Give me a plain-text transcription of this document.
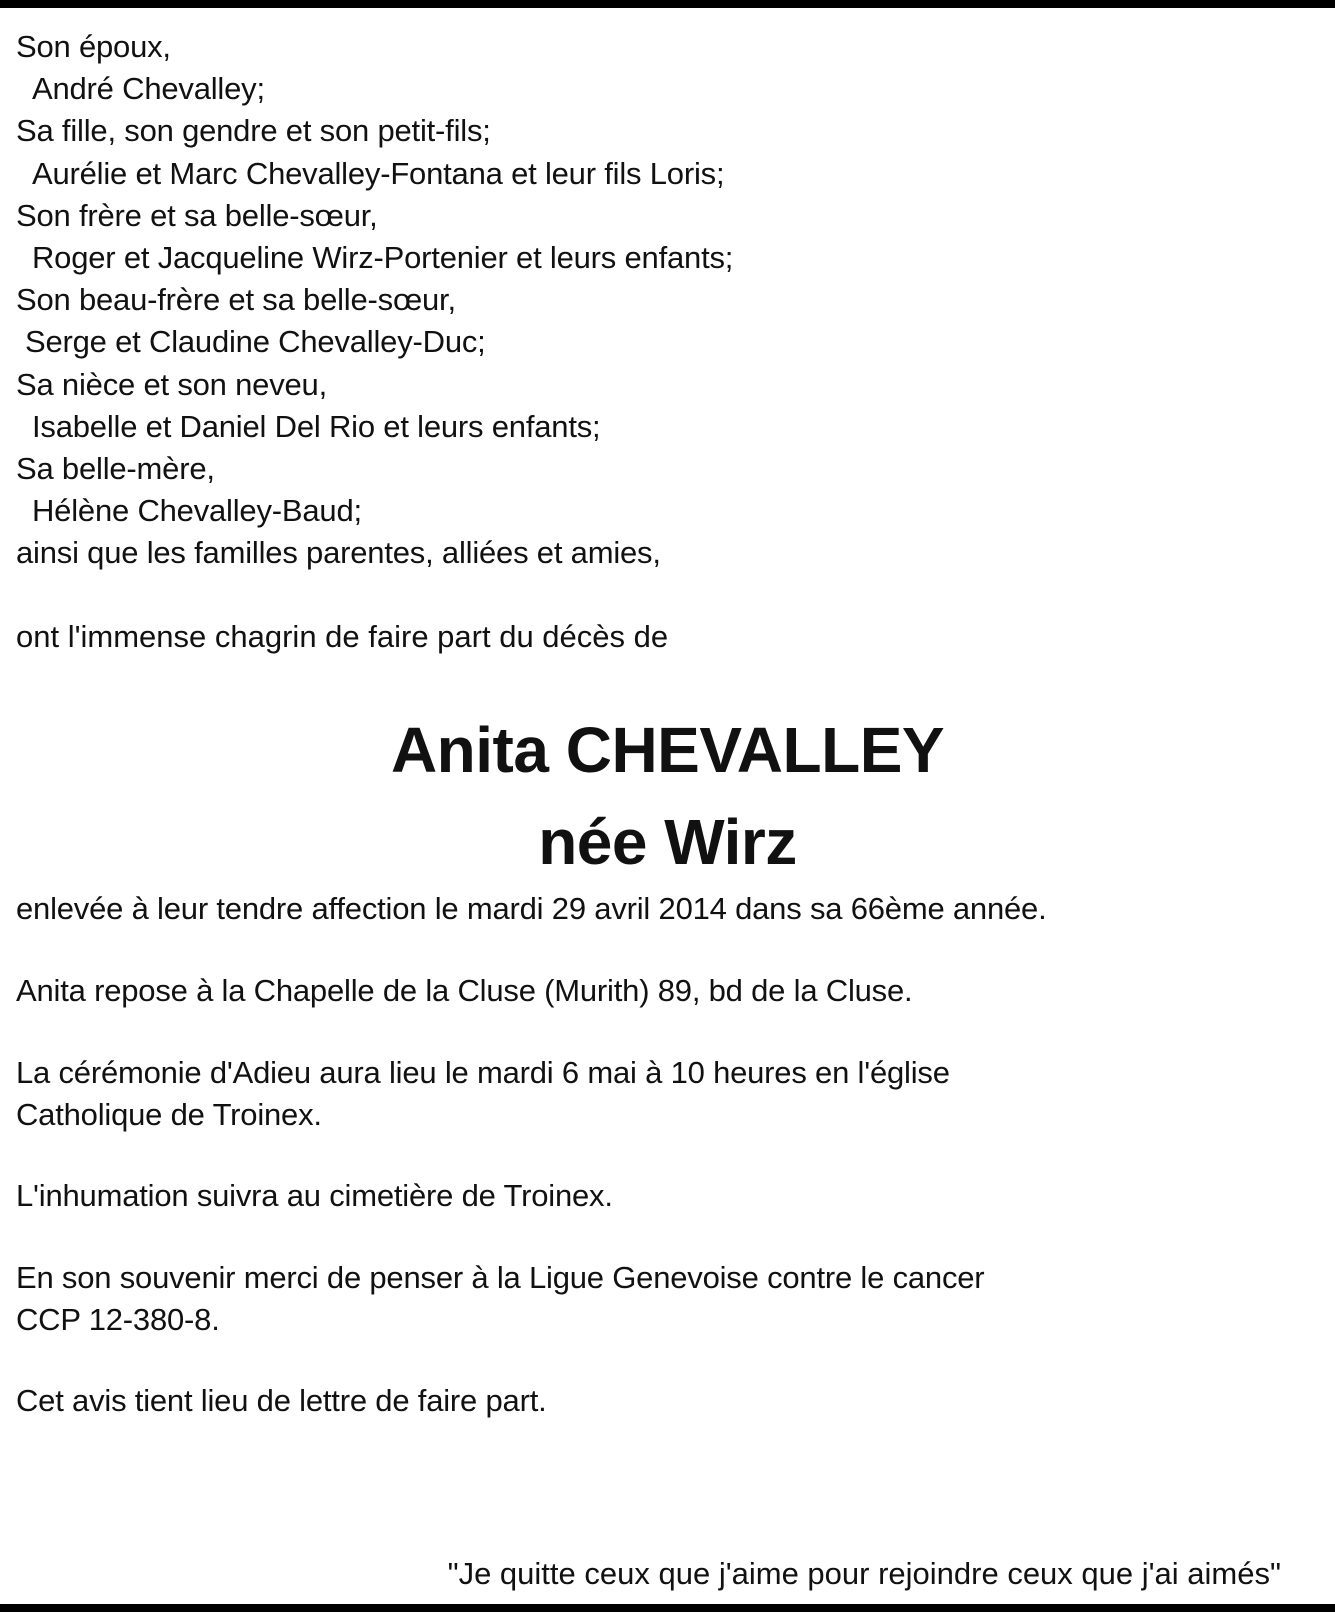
Son époux,
André Chevalley;
Sa fille, son gendre et son petit-fils;
Aurélie et Marc Chevalley-Fontana et leur fils Loris;
Son frère et sa belle-sœur,
Roger et Jacqueline Wirz-Portenier et leurs enfants;
Son beau-frère et sa belle-sœur,
Serge et Claudine Chevalley-Duc;
Sa nièce et son neveu,
Isabelle et Daniel Del Rio et leurs enfants;
Sa belle-mère,
Hélène Chevalley-Baud;
ainsi que les familles parentes, alliées et amies,
ont l'immense chagrin de faire part du décès de
Anita CHEVALLEY
née Wirz
enlevée à leur tendre affection le mardi 29 avril 2014 dans sa 66ème année.
Anita repose à la Chapelle de la Cluse (Murith) 89, bd de la Cluse.
La cérémonie d'Adieu aura lieu le mardi 6 mai à 10 heures en l'église
Catholique de Troinex.
L'inhumation suivra au cimetière de Troinex.
En son souvenir merci de penser à la Ligue Genevoise contre le cancer
CCP 12-380-8.
Cet avis tient lieu de lettre de faire part.
"Je quitte ceux que j'aime pour rejoindre ceux que j'ai aimés"
